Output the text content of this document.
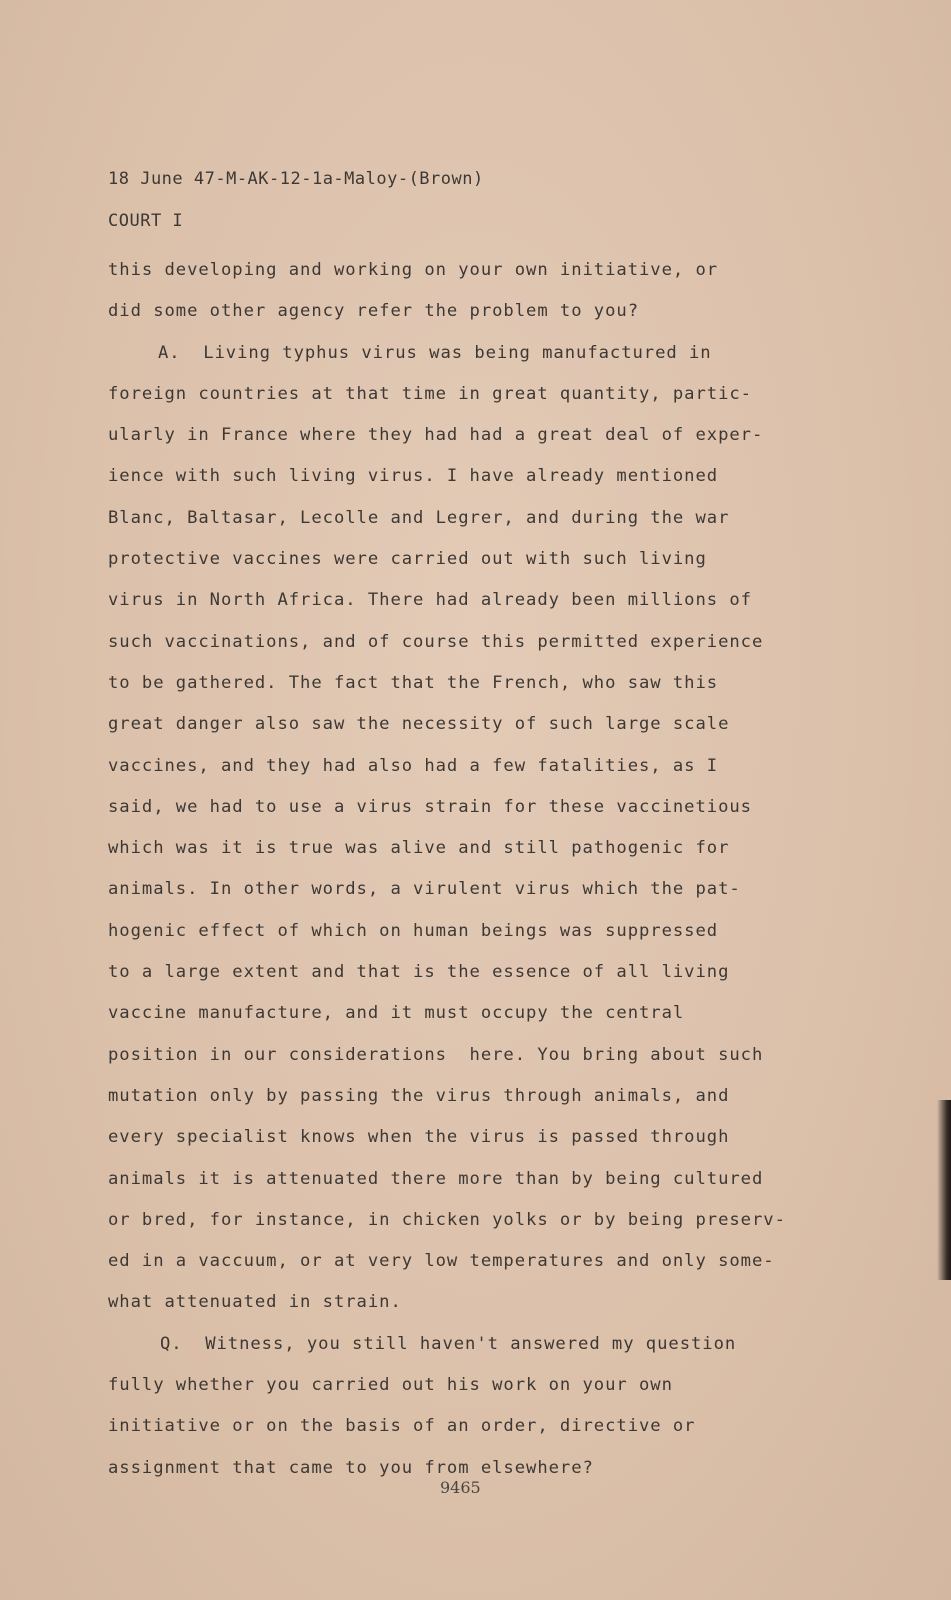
18 June 47-M-AK-12-1a-Maloy-(Brown)
COURT I
this developing and working on your own initiative, or
did some other agency refer the problem to you?
A.  Living typhus virus was being manufactured in
foreign countries at that time in great quantity, partic-
ularly in France where they had had a great deal of exper-
ience with such living virus. I have already mentioned
Blanc, Baltasar, Lecolle and Legrer, and during the war
protective vaccines were carried out with such living
virus in North Africa. There had already been millions of
such vaccinations, and of course this permitted experience
to be gathered. The fact that the French, who saw this
great danger also saw the necessity of such large scale
vaccines, and they had also had a few fatalities, as I
said, we had to use a virus strain for these vaccinetious
which was it is true was alive and still pathogenic for
animals. In other words, a virulent virus which the pat-
hogenic effect of which on human beings was suppressed
to a large extent and that is the essence of all living
vaccine manufacture, and it must occupy the central
position in our considerations  here. You bring about such
mutation only by passing the virus through animals, and
every specialist knows when the virus is passed through
animals it is attenuated there more than by being cultured
or bred, for instance, in chicken yolks or by being preserv-
ed in a vaccuum, or at very low temperatures and only some-
what attenuated in strain.
Q.  Witness, you still haven't answered my question
fully whether you carried out his work on your own
initiative or on the basis of an order, directive or
assignment that came to you from elsewhere?
9465
